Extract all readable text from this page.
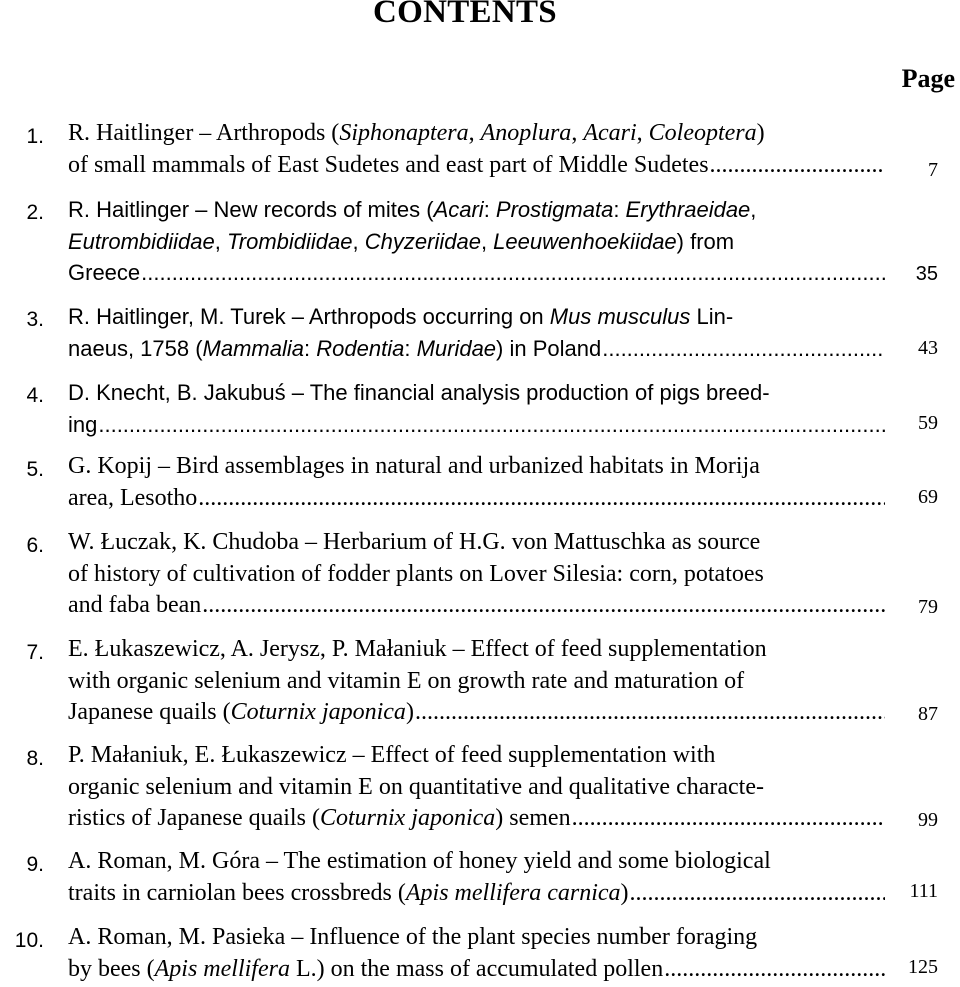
CONTENTS
Page
1. R. Haitlinger – Arthropods (Siphonaptera, Anoplura, Acari, Coleoptera)

of small mammals of East Sudetes and east part of Middle Sudetes .....	7
2. R. Haitlinger – New records of mites (Acari: Prostigmata: Erythraeidae,

Eutrombidiidae, Trombidiidae, Chyzeriidae, Leeuwenhoekiidae) from

Greece .....	35
3. R. Haitlinger, M. Turek – Arthropods occurring on Mus musculus Lin-

naeus, 1758 (Mammalia: Rodentia: Muridae) in Poland .....	43
4. D. Knecht, B. Jakubuś – The financial analysis production of pigs breed-

ing .....	59
5. G. Kopij – Bird assemblages in natural and urbanized habitats in Morija

area, Lesotho .....	69
6. W. Łuczak, K. Chudoba – Herbarium of H.G. von Mattuschka as source

of history of cultivation of fodder plants on Lover Silesia: corn, potatoes

and faba bean .....	79
7. E. Łukaszewicz, A. Jerysz, P. Małaniuk – Effect of feed supplementation

with organic selenium and vitamin E on growth rate and maturation of

Japanese quails (Coturnix japonica) .....	87
8. P. Małaniuk, E. Łukaszewicz – Effect of feed supplementation with

organic selenium and vitamin E on quantitative and qualitative characte-

ristics of Japanese quails (Coturnix japonica) semen .....	99
9. A. Roman, M. Góra – The estimation of honey yield and some biological

traits in carniolan bees crossbreds (Apis mellifera carnica) .....	111
10. A. Roman, M. Pasieka – Influence of the plant species number foraging

by bees (Apis mellifera L.) on the mass of accumulated pollen .....	125
